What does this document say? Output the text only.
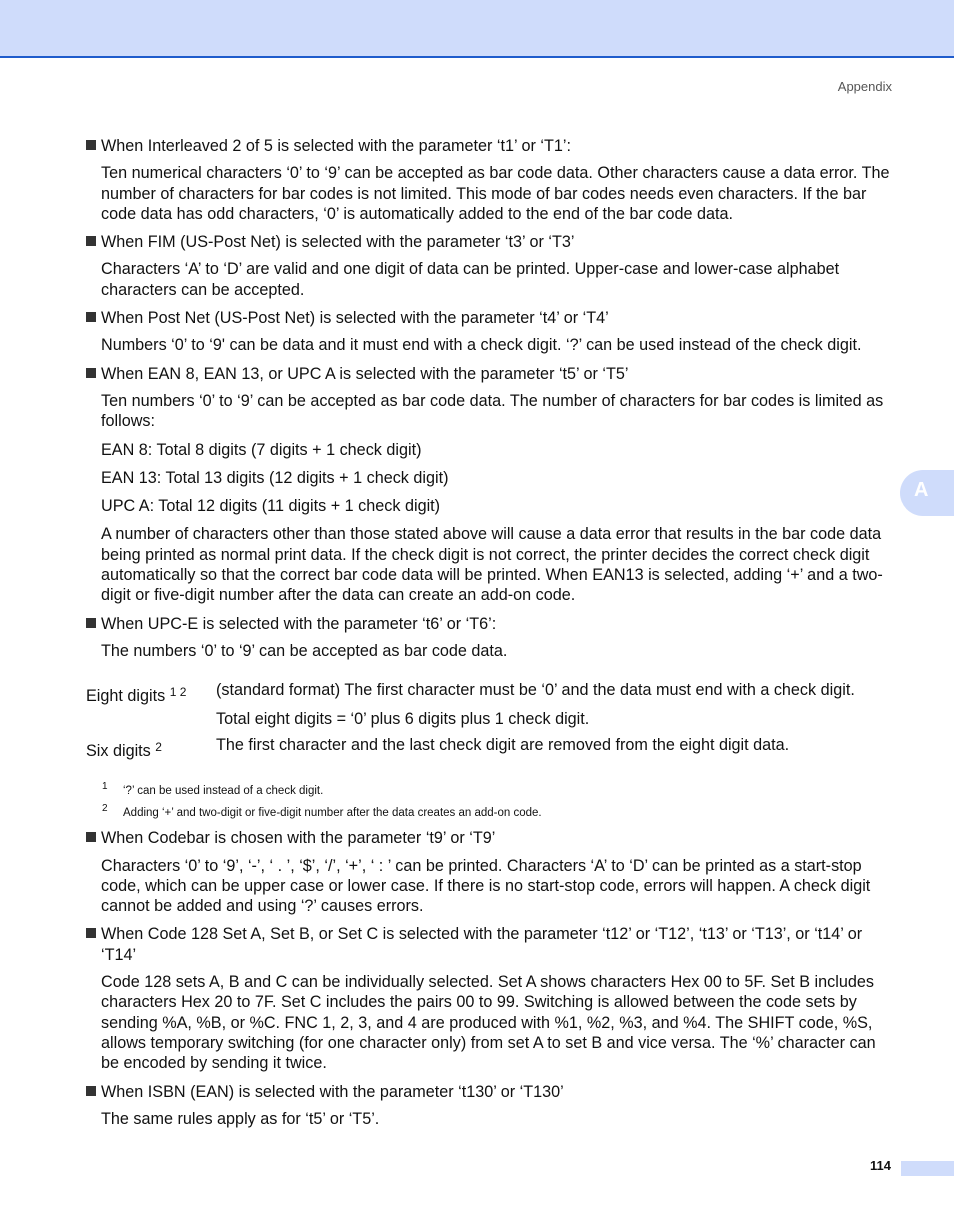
Appendix
A
When Interleaved 2 of 5 is selected with the parameter ‘t1’ or ‘T1’:
Ten numerical characters ‘0’ to ‘9’ can be accepted as bar code data. Other characters cause a data error. The number of characters for bar codes is not limited. This mode of bar codes needs even characters. If the bar code data has odd characters, ‘0’ is automatically added to the end of the bar code data.
When FIM (US-Post Net) is selected with the parameter ‘t3’ or ‘T3’
Characters ‘A’ to ‘D’ are valid and one digit of data can be printed. Upper-case and lower-case alphabet characters can be accepted.
When Post Net (US-Post Net) is selected with the parameter ‘t4’ or ‘T4’
Numbers ‘0’ to ‘9' can be data and it must end with a check digit. ‘?’ can be used instead of the check digit.
When EAN 8, EAN 13, or UPC A is selected with the parameter ‘t5’ or ‘T5’
Ten numbers ‘0’ to ‘9’ can be accepted as bar code data. The number of characters for bar codes is limited as follows:
EAN 8: Total 8 digits (7 digits + 1 check digit)
EAN 13: Total 13 digits (12 digits + 1 check digit)
UPC A: Total 12 digits (11 digits + 1 check digit)
A number of characters other than those stated above will cause a data error that results in the bar code data being printed as normal print data. If the check digit is not correct, the printer decides the correct check digit automatically so that the correct bar code data will be printed. When EAN13 is selected, adding ‘+’ and a two-digit or five-digit number after the data can create an add-on code.
When UPC-E is selected with the parameter ‘t6’ or ‘T6’:
The numbers ‘0’ to ‘9’ can be accepted as bar code data.
Eight digits $^{1 2}$ (standard format) The first character must be ‘0’ and the data must end with a check digit.
Total eight digits = ‘0’ plus 6 digits plus 1 check digit.
Six digits $^2$	The first character and the last check digit are removed from the eight digit data.
1 ‘?’ can be used instead of a check digit.
2 Adding ‘+’ and two-digit or five-digit number after the data creates an add-on code.
When Codebar is chosen with the parameter ‘t9’ or ‘T9’
Characters ‘0’ to ‘9’, ‘-’, ‘ . ’, ‘$’, ‘/’, ‘+’, ‘ : ’ can be printed. Characters ‘A’ to ‘D’ can be printed as a start-stop code, which can be upper case or lower case. If there is no start-stop code, errors will happen. A check digit cannot be added and using ‘?’ causes errors.
When Code 128 Set A, Set B, or Set C is selected with the parameter ‘t12’ or ‘T12’, ‘t13’ or ‘T13’, or ‘t14’ or ‘T14’
Code 128 sets A, B and C can be individually selected. Set A shows characters Hex 00 to 5F. Set B includes characters Hex 20 to 7F. Set C includes the pairs 00 to 99. Switching is allowed between the code sets by sending %A, %B, or %C. FNC 1, 2, 3, and 4 are produced with %1, %2, %3, and %4. The SHIFT code, %S, allows temporary switching (for one character only) from set A to set B and vice versa. The ‘%’ character can be encoded by sending it twice.
When ISBN (EAN) is selected with the parameter ‘t130’ or ‘T130’
The same rules apply as for ‘t5’ or ‘T5’.
114
